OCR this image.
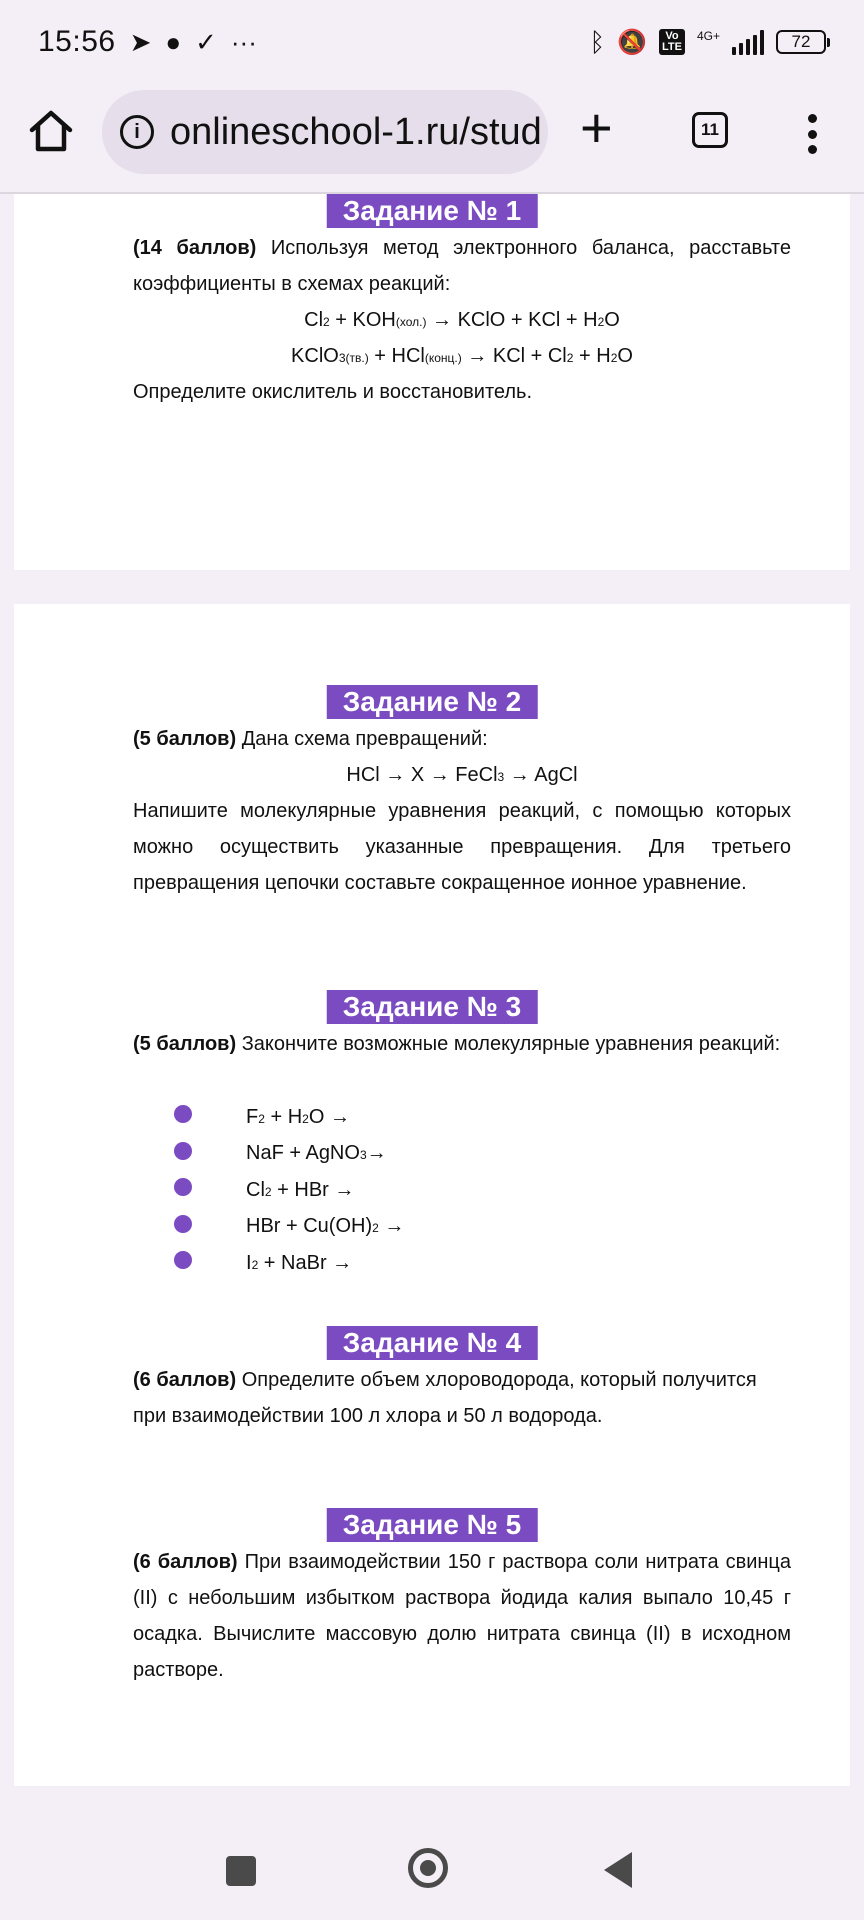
15:56 ➤ ● ✓ ···	ᛒ 🔕	Vo
LTE
4G+	72
i onlineschool-1.ru/stud +	11
Задание № 1

(14 баллов) Используя метод электронного баланса, расставьте коэффициенты в схемах реакций:

Cl2 + KOH(хол.) → KClO + KCl + H2O
KClO3(тв.) + HCl(конц.) → KCl + Cl2 + H2O

Определите окислитель и восстановитель.

Задание № 2

(5 баллов) Дана схема превращений:

HCl → X → FeCl3 → AgCl

Напишите молекулярные уравнения реакций, с помощью которых можно осуществить указанные превращения. Для третьего превращения цепочки составьте сокращенное ионное уравнение.

Задание № 3

(5 баллов) Закончите возможные молекулярные уравнения реакций:

F2 + H2O →
NaF + AgNO3→
Cl2 + HBr →
HBr + Cu(OH)2 →
I2 + NaBr →
Задание № 4

(6 баллов) Определите объем хлороводорода, который получится при взаимодействии 100 л хлора и 50 л водорода.

Задание № 5

(6 баллов) При взаимодействии 150 г раствора соли нитрата свинца (II) с небольшим избытком раствора йодида калия выпало 10,45 г осадка. Вычислите массовую долю нитрата свинца (II) в исходном растворе.
